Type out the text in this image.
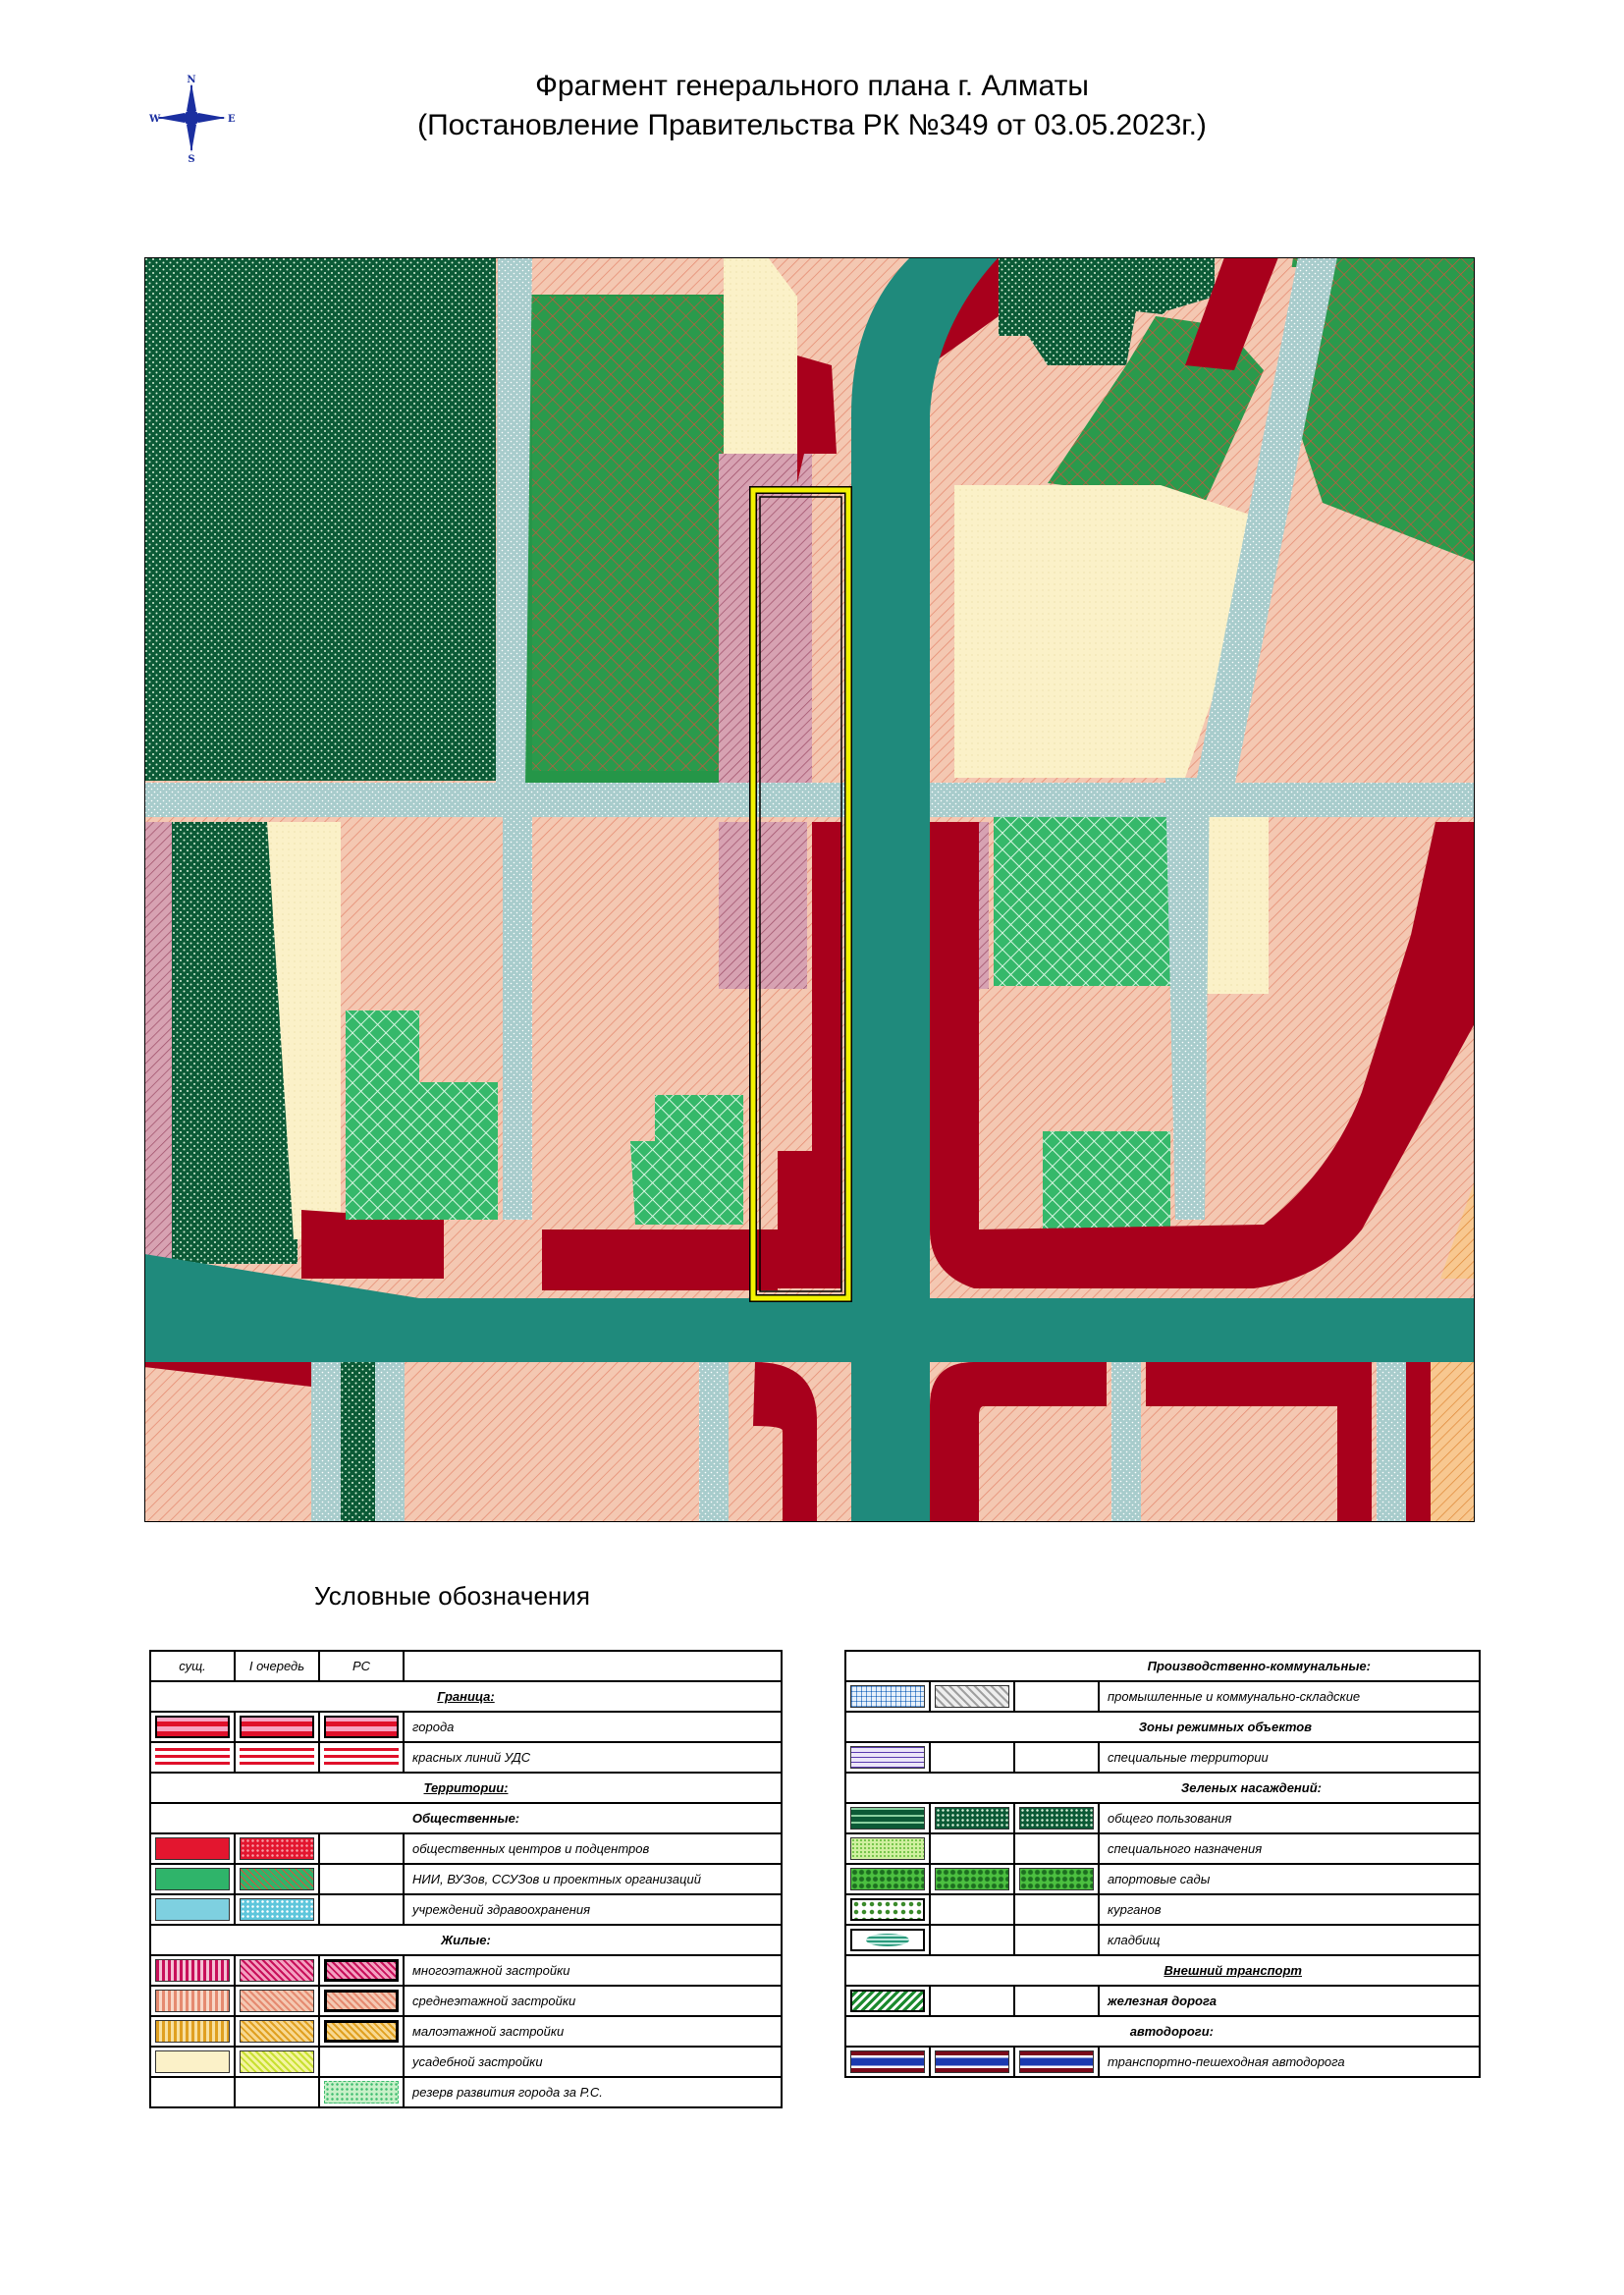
Фрагмент генерального плана г. Алматы
(Постановление Правительства РК №349 от 03.05.2023г.)
N
S
W	E
Условные обозначения
сущ.	I очередь	РС	
Граница:			

	города

	красных линий УДС
Территории:			
Общественные:			

		общественных центров и подцентров

		НИИ, ВУЗов, ССУЗов и проектных организаций

		учреждений здравоохранения
Жилые:			

	многоэтажной застройки

	среднеэтажной застройки

	малоэтажной застройки

		усадебной застройки

	резерв развития города за Р.С.
Производственно-коммунальные:			

		промышленные и коммунально-складские
Зоны режимных объектов			

			специальные территории
Зеленых насаждений:			

	общего пользования

			специального назначения

	апортовые сады

			курганов

			кладбищ
Внешний транспорт			

			железная дорога
автодороги:			

	транспортно-пешеходная автодорога
